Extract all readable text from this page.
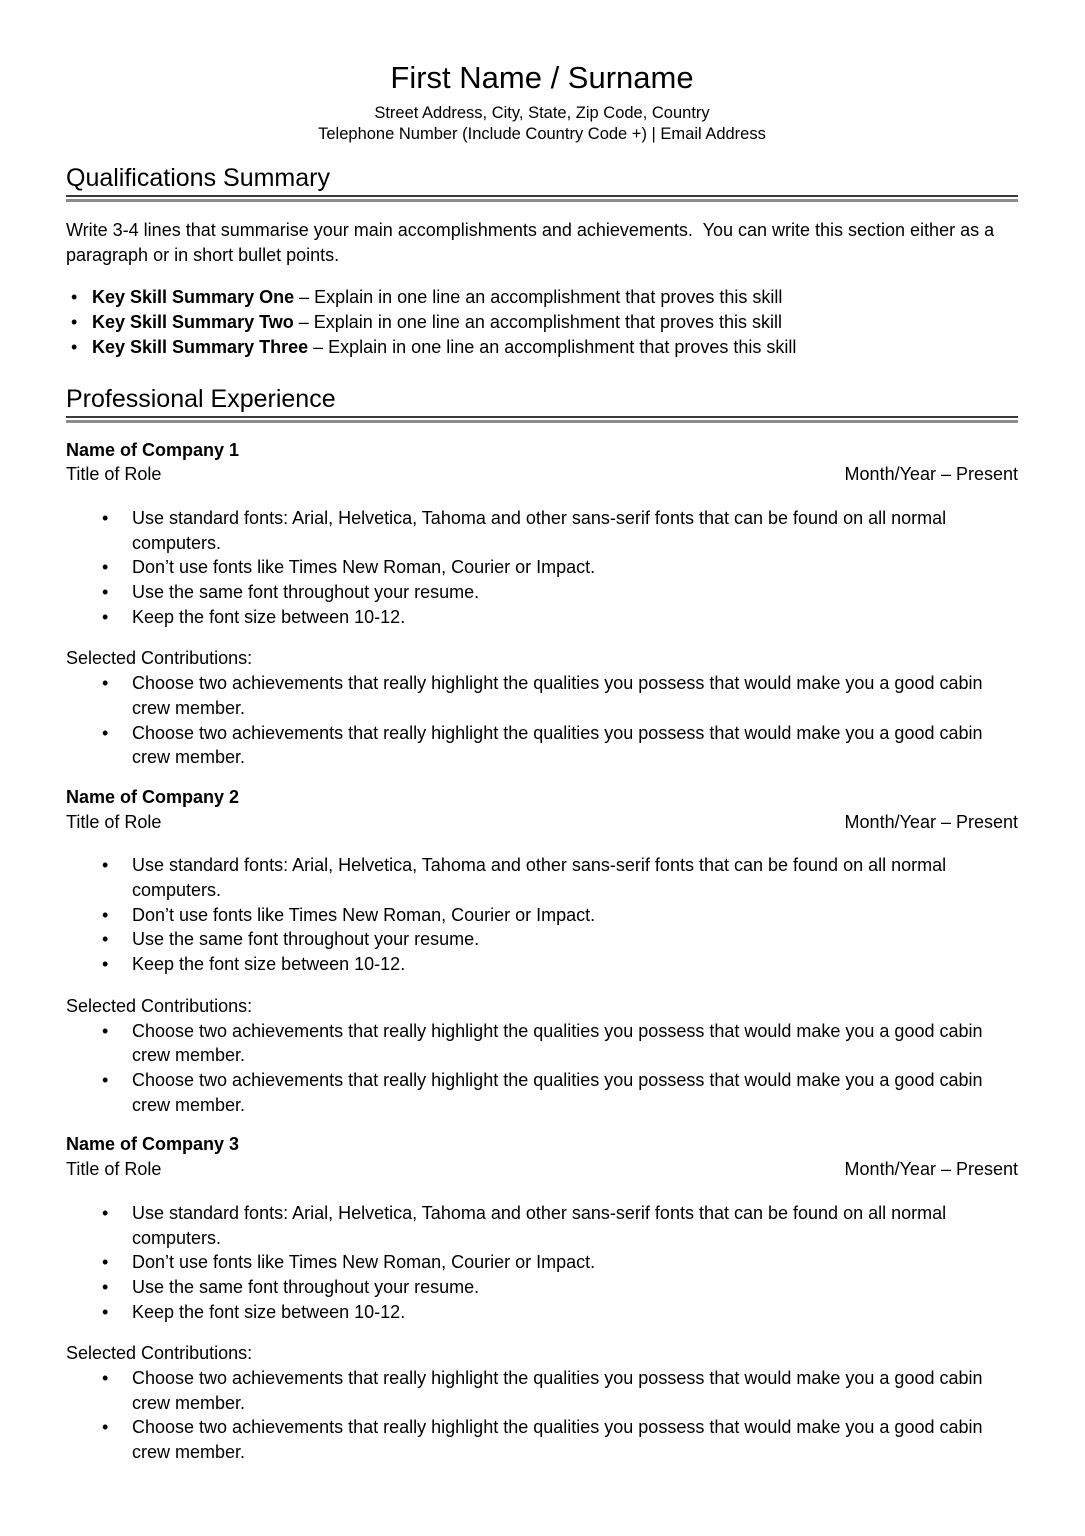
First Name / Surname
Street Address, City, State, Zip Code, Country
Telephone Number (Include Country Code +) | Email Address
Qualifications Summary
Write 3-4 lines that summarise your main accomplishments and achievements.  You can write this section either as a paragraph or in short bullet points.
• Key Skill Summary One – Explain in one line an accomplishment that proves this skill
• Key Skill Summary Two – Explain in one line an accomplishment that proves this skill
• Key Skill Summary Three – Explain in one line an accomplishment that proves this skill
Professional Experience
Name of Company 1
Title of Role	Month/Year – Present
• Use standard fonts: Arial, Helvetica, Tahoma and other sans-serif fonts that can be found on all normal computers.
• Don’t use fonts like Times New Roman, Courier or Impact.
• Use the same font throughout your resume.
• Keep the font size between 10-12.
Selected Contributions:
• Choose two achievements that really highlight the qualities you possess that would make you a good cabin crew member.
• Choose two achievements that really highlight the qualities you possess that would make you a good cabin crew member.
Name of Company 2
Title of Role	Month/Year – Present
• Use standard fonts: Arial, Helvetica, Tahoma and other sans-serif fonts that can be found on all normal computers.
• Don’t use fonts like Times New Roman, Courier or Impact.
• Use the same font throughout your resume.
• Keep the font size between 10-12.
Selected Contributions:
• Choose two achievements that really highlight the qualities you possess that would make you a good cabin crew member.
• Choose two achievements that really highlight the qualities you possess that would make you a good cabin crew member.
Name of Company 3
Title of Role	Month/Year – Present
• Use standard fonts: Arial, Helvetica, Tahoma and other sans-serif fonts that can be found on all normal computers.
• Don’t use fonts like Times New Roman, Courier or Impact.
• Use the same font throughout your resume.
• Keep the font size between 10-12.
Selected Contributions:
• Choose two achievements that really highlight the qualities you possess that would make you a good cabin crew member.
• Choose two achievements that really highlight the qualities you possess that would make you a good cabin crew member.
